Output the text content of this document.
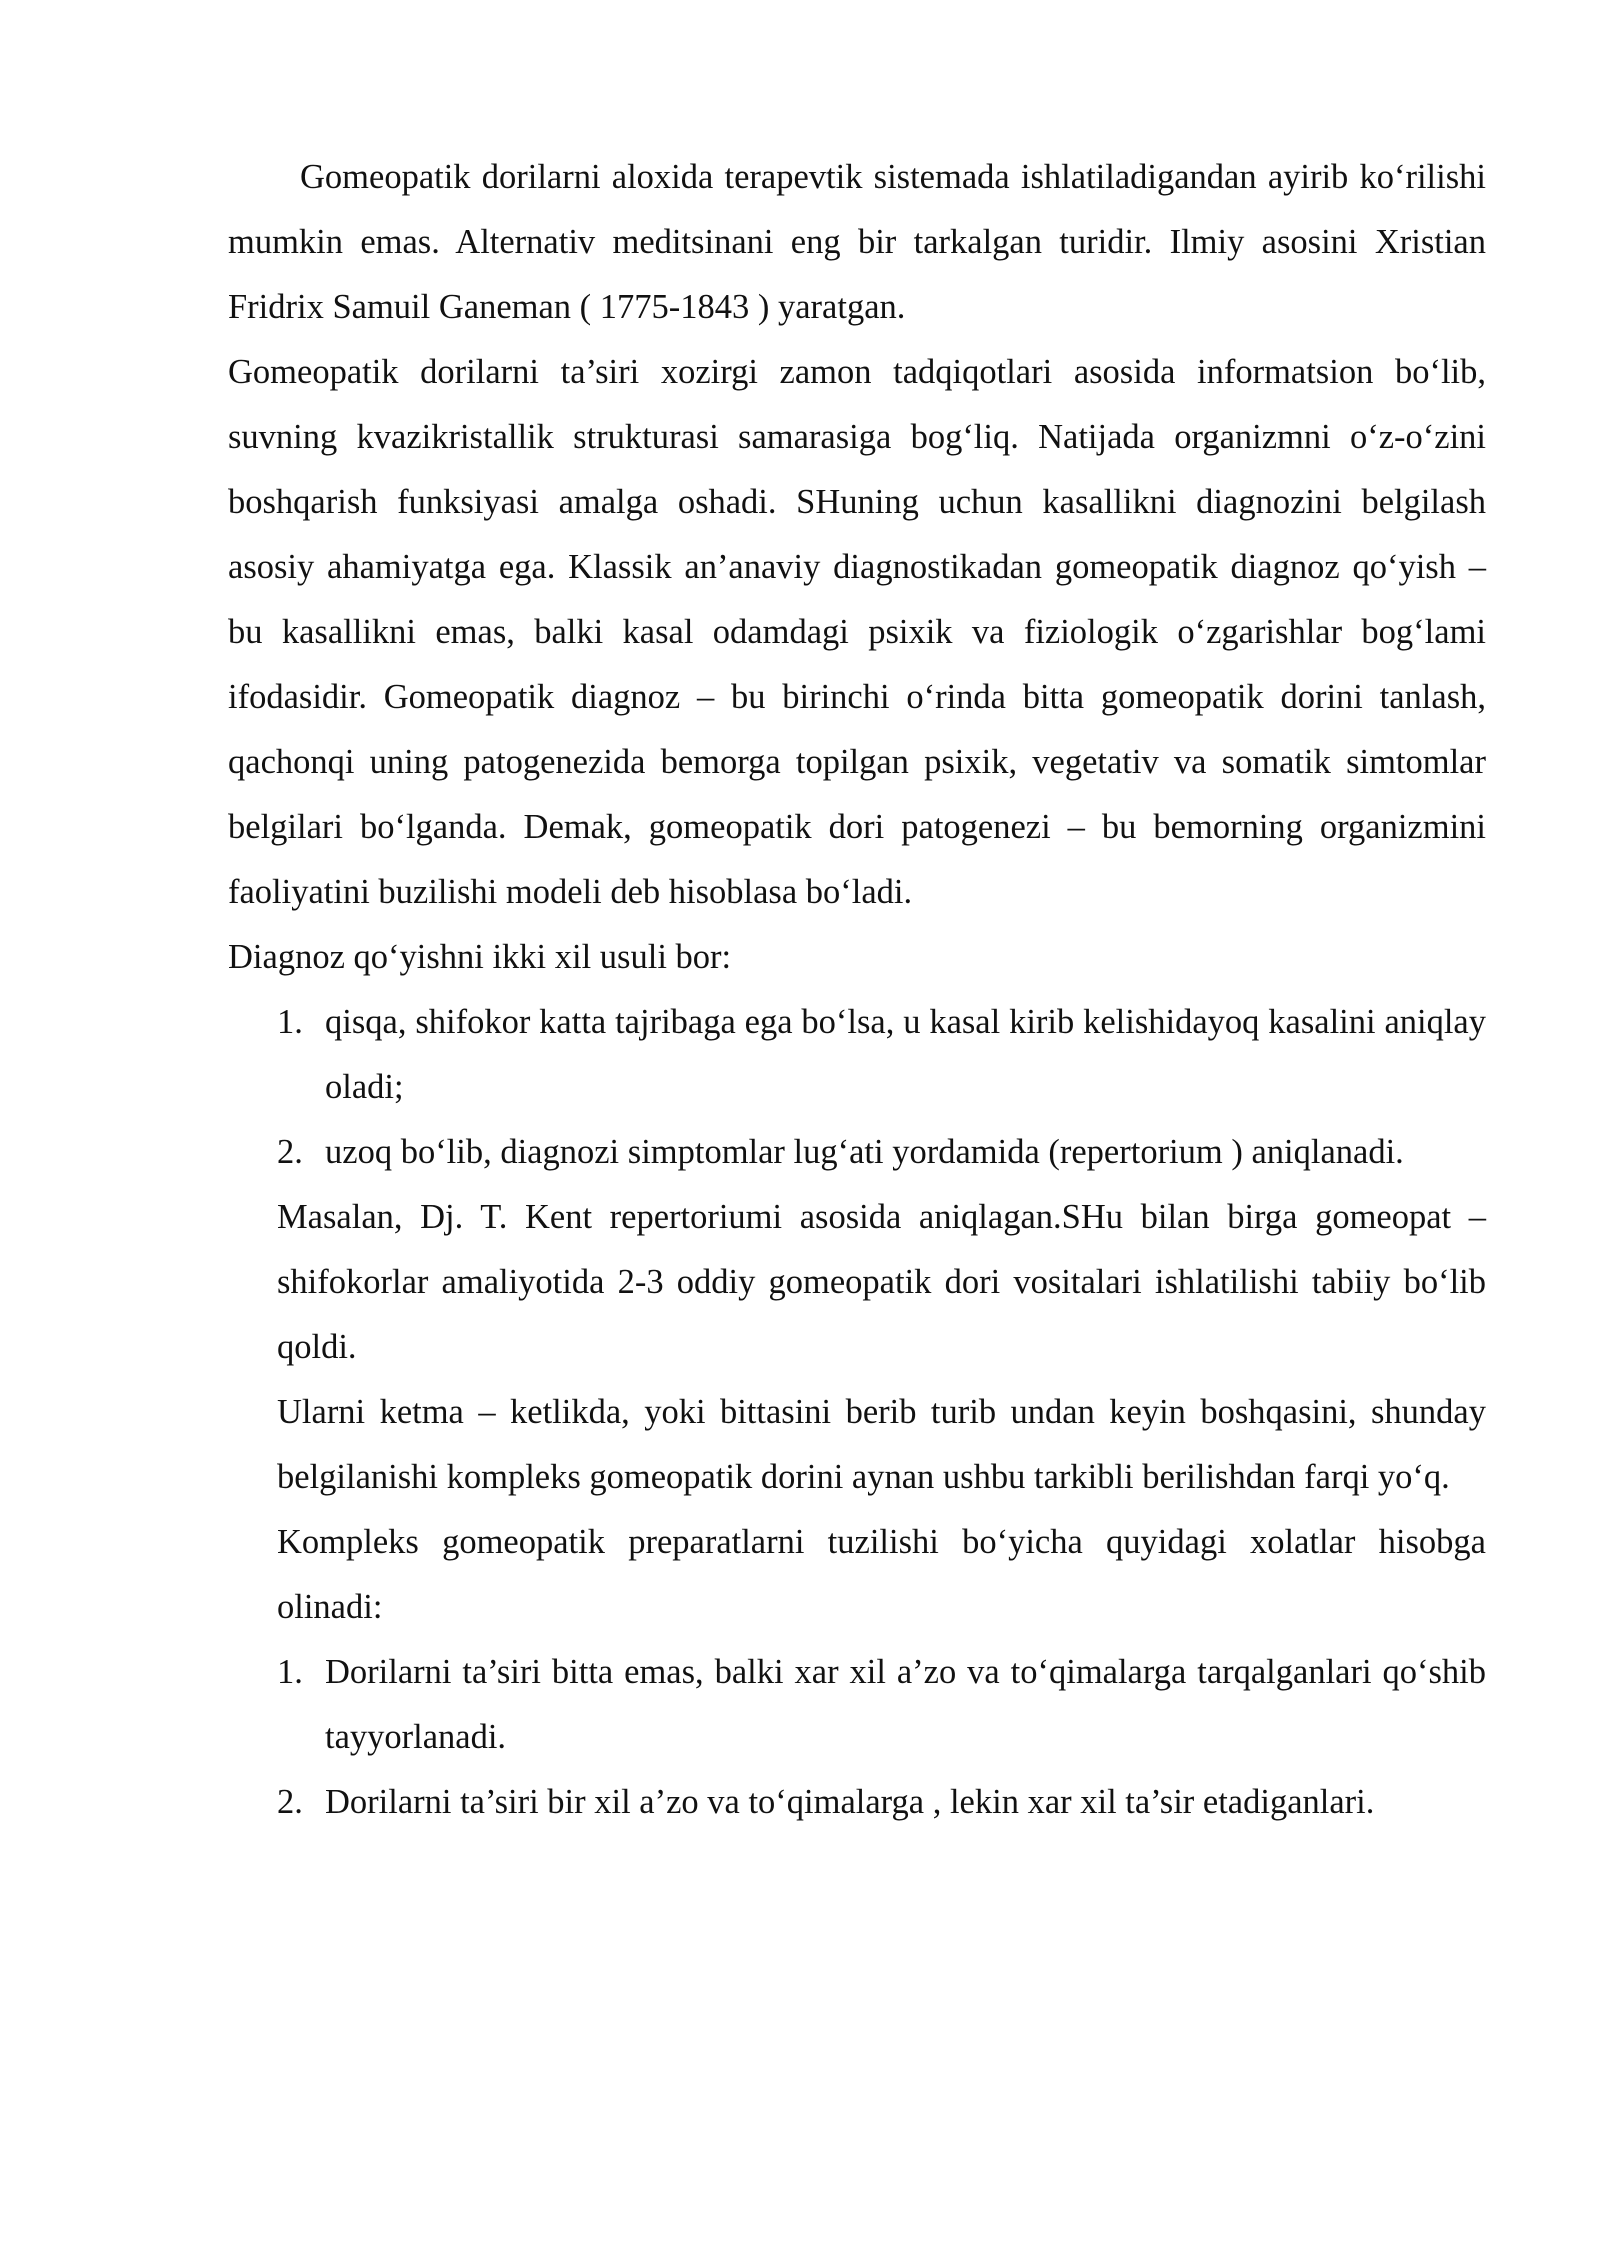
Gomeopatik dorilarni aloxida terapevtik sistemada ishlatiladigandan ayirib ko‘rilishi mumkin emas. Alternativ meditsinani eng bir tarkalgan turidir. Ilmiy asosini Xristian Fridrix Samuil Ganeman ( 1775-1843 ) yaratgan.

Gomeopatik dorilarni ta’siri xozirgi zamon tadqiqotlari asosida informatsion bo‘lib, suvning kvazikristallik strukturasi samarasiga bog‘liq. Natijada organizmni o‘z-o‘zini boshqarish funksiyasi amalga oshadi. SHuning uchun kasallikni diagnozini belgilash asosiy ahamiyatga ega. Klassik an’anaviy diagnostikadan gomeopatik diagnoz qo‘yish – bu kasallikni emas, balki kasal odamdagi psixik va fiziologik o‘zgarishlar bog‘lami ifodasidir. Gomeopatik diagnoz – bu birinchi o‘rinda bitta gomeopatik dorini tanlash, qachonqi uning patogenezida bemorga topilgan psixik, vegetativ va somatik simtomlar belgilari bo‘lganda. Demak, gomeopatik dori patogenezi – bu bemorning organizmini faoliyatini buzilishi modeli deb hisoblasa bo‘ladi.

Diagnoz qo‘yishni ikki xil usuli bor:

1. qisqa, shifokor katta tajribaga ega bo‘lsa, u kasal kirib kelishidayoq kasalini aniqlay oladi;
2. uzoq bo‘lib, diagnozi simptomlar lug‘ati yordamida (repertorium ) aniqlanadi.

Masalan, Dj. T. Kent repertoriumi asosida aniqlagan.SHu bilan birga gomeopat – shifokorlar amaliyotida 2-3 oddiy gomeopatik dori vositalari ishlatilishi tabiiy bo‘lib qoldi.

Ularni ketma – ketlikda, yoki bittasini berib turib undan keyin boshqasini, shunday belgilanishi kompleks gomeopatik dorini aynan ushbu tarkibli berilishdan farqi yo‘q.

Kompleks gomeopatik preparatlarni tuzilishi bo‘yicha quyidagi xolatlar hisobga olinadi:

1. Dorilarni ta’siri bitta emas, balki xar xil a’zo va to‘qimalarga tarqalganlari qo‘shib tayyorlanadi.
2. Dorilarni ta’siri bir xil a’zo va to‘qimalarga , lekin xar xil ta’sir etadiganlari.
